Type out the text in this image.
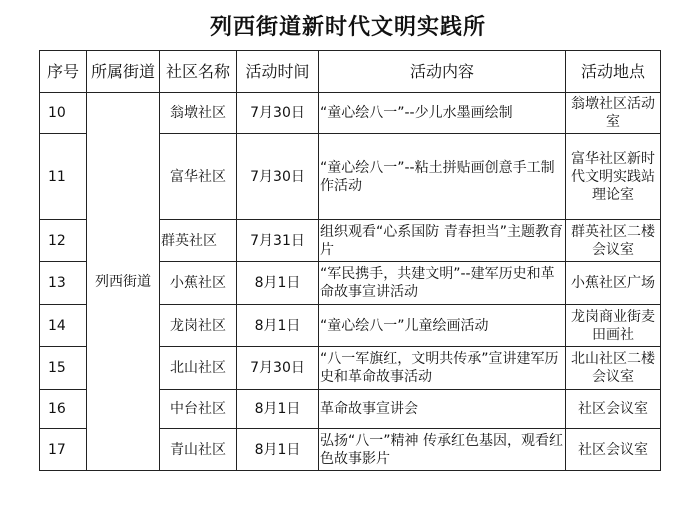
列西街道新时代文明实践所
序号	所属街道	社区名称	活动时间	活动内容	活动地点
10	列西街道	翁墩社区	7月30日	“童心绘八一”--少儿水墨画绘制	翁墩社区活动室
11		富华社区	7月30日	“童心绘八一”--粘土拼贴画创意手工制作活动	富华社区新时代文明实践站理论室
12		群英社区	7月31日	组织观看“心系国防 青春担当”主题教育片	群英社区二楼会议室
13		小蕉社区	8月1日	“军民携手，共建文明”--建军历史和革命故事宣讲活动	小蕉社区广场
14		龙岗社区	8月1日	“童心绘八一”儿童绘画活动	龙岗商业街麦田画社
15		北山社区	7月30日	“八一军旗红，文明共传承”宣讲建军历史和革命故事活动	北山社区二楼会议室
16		中台社区	8月1日	革命故事宣讲会	社区会议室
17		青山社区	8月1日	弘扬“八一”精神 传承红色基因，观看红色故事影片	社区会议室
